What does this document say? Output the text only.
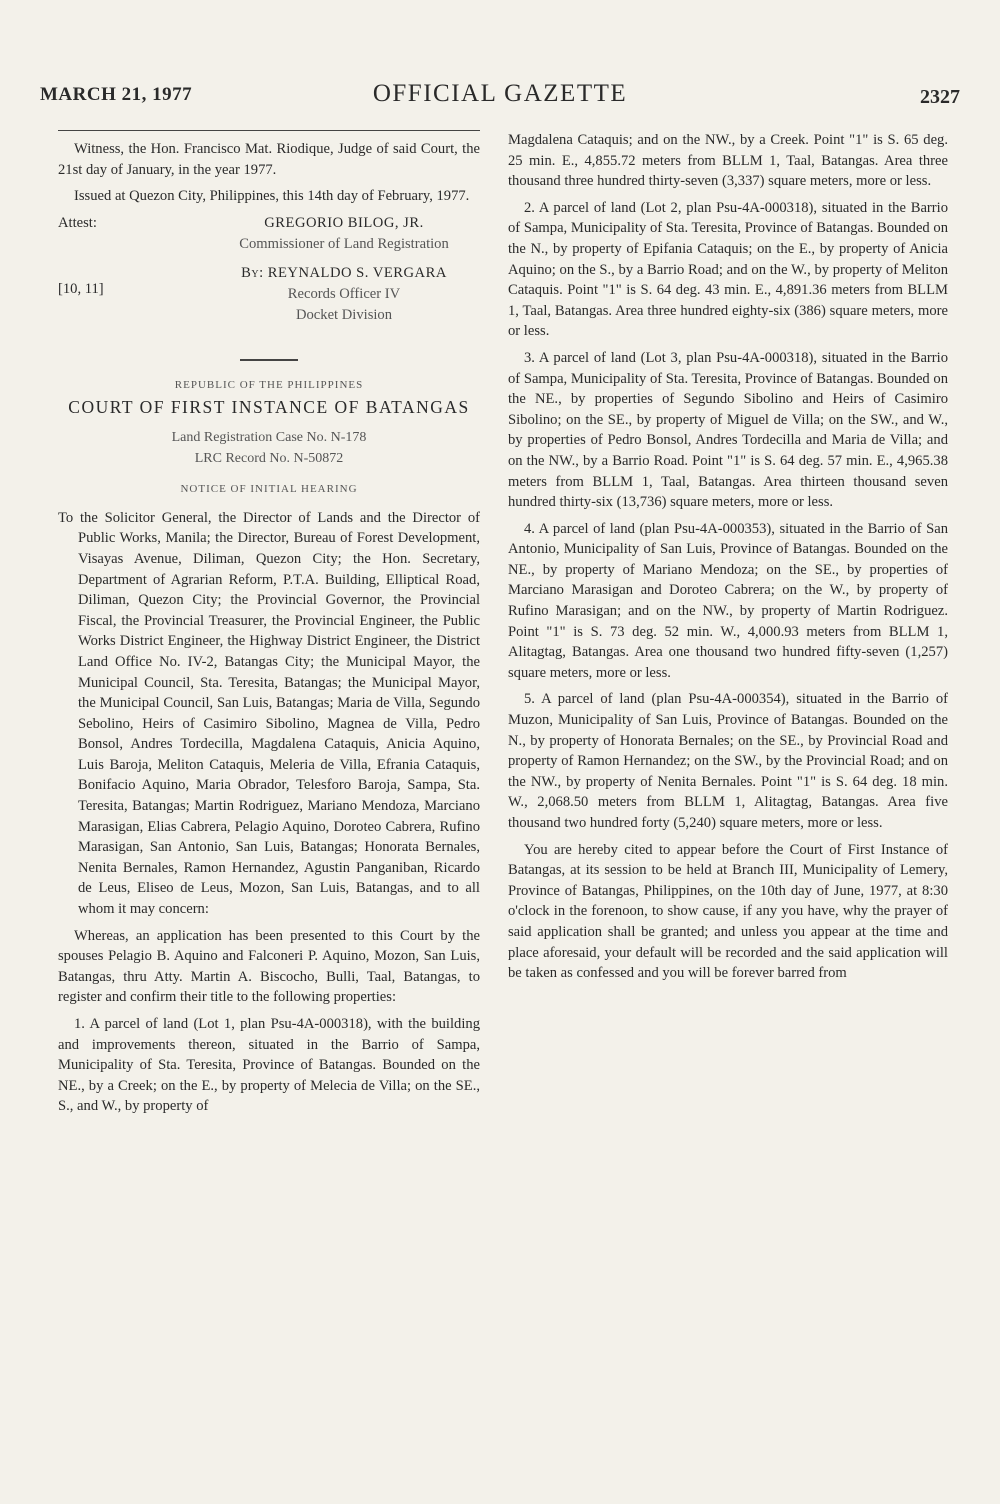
MARCH 21, 1977	OFFICIAL GAZETTE	2327

Witness, the Hon. Francisco Mat. Riodique, Judge of said Court, the 21st day of January, in the year 1977.

Issued at Quezon City, Philippines, this 14th day of February, 1977.

Attest:	GREGORIO BILOG, JR.
Commissioner of Land Registration
By: REYNALDO S. VERGARA
Records Officer IV
Docket Division
[10, 11]

REPUBLIC OF THE PHILIPPINES

COURT OF FIRST INSTANCE OF BATANGAS

Land Registration Case No. N-178

LRC Record No. N-50872

NOTICE OF INITIAL HEARING

To the Solicitor General, the Director of Lands and the Director of Public Works, Manila; the Director, Bureau of Forest Development, Visayas Avenue, Diliman, Quezon City; the Hon. Secretary, Department of Agrarian Reform, P.T.A. Building, Elliptical Road, Diliman, Quezon City; the Provincial Governor, the Provincial Fiscal, the Provincial Treasurer, the Provincial Engineer, the Public Works District Engineer, the Highway District Engineer, the District Land Office No. IV-2, Batangas City; the Municipal Mayor, the Municipal Council, Sta. Teresita, Batangas; the Municipal Mayor, the Municipal Council, San Luis, Batangas; Maria de Villa, Segundo Sebolino, Heirs of Casimiro Sibolino, Magnea de Villa, Pedro Bonsol, Andres Tordecilla, Magdalena Cataquis, Anicia Aquino, Luis Baroja, Meliton Cataquis, Meleria de Villa, Efrania Cataquis, Bonifacio Aquino, Maria Obrador, Telesforo Baroja, Sampa, Sta. Teresita, Batangas; Martin Rodriguez, Mariano Mendoza, Marciano Marasigan, Elias Cabrera, Pelagio Aquino, Doroteo Cabrera, Rufino Marasigan, San Antonio, San Luis, Batangas; Honorata Bernales, Nenita Bernales, Ramon Hernandez, Agustin Panganiban, Ricardo de Leus, Eliseo de Leus, Mozon, San Luis, Batangas, and to all whom it may concern:

Whereas, an application has been presented to this Court by the spouses Pelagio B. Aquino and Falconeri P. Aquino, Mozon, San Luis, Batangas, thru Atty. Martin A. Biscocho, Bulli, Taal, Batangas, to register and confirm their title to the following properties:

1. A parcel of land (Lot 1, plan Psu-4A-000318), with the building and improvements thereon, situated in the Barrio of Sampa, Municipality of Sta. Teresita, Province of Batangas. Bounded on the NE., by a Creek; on the E., by property of Melecia de Villa; on the SE., S., and W., by property of

Magdalena Cataquis; and on the NW., by a Creek. Point "1" is S. 65 deg. 25 min. E., 4,855.72 meters from BLLM 1, Taal, Batangas. Area three thousand three hundred thirty-seven (3,337) square meters, more or less.

2. A parcel of land (Lot 2, plan Psu-4A-000318), situated in the Barrio of Sampa, Municipality of Sta. Teresita, Province of Batangas. Bounded on the N., by property of Epifania Cataquis; on the E., by property of Anicia Aquino; on the S., by a Barrio Road; and on the W., by property of Meliton Cataquis. Point "1" is S. 64 deg. 43 min. E., 4,891.36 meters from BLLM 1, Taal, Batangas. Area three hundred eighty-six (386) square meters, more or less.

3. A parcel of land (Lot 3, plan Psu-4A-000318), situated in the Barrio of Sampa, Municipality of Sta. Teresita, Province of Batangas. Bounded on the NE., by properties of Segundo Sibolino and Heirs of Casimiro Sibolino; on the SE., by property of Miguel de Villa; on the SW., and W., by properties of Pedro Bonsol, Andres Tordecilla and Maria de Villa; and on the NW., by a Barrio Road. Point "1" is S. 64 deg. 57 min. E., 4,965.38 meters from BLLM 1, Taal, Batangas. Area thirteen thousand seven hundred thirty-six (13,736) square meters, more or less.

4. A parcel of land (plan Psu-4A-000353), situated in the Barrio of San Antonio, Municipality of San Luis, Province of Batangas. Bounded on the NE., by property of Mariano Mendoza; on the SE., by properties of Marciano Marasigan and Doroteo Cabrera; on the W., by property of Rufino Marasigan; and on the NW., by property of Martin Rodriguez. Point "1" is S. 73 deg. 52 min. W., 4,000.93 meters from BLLM 1, Alitagtag, Batangas. Area one thousand two hundred fifty-seven (1,257) square meters, more or less.

5. A parcel of land (plan Psu-4A-000354), situated in the Barrio of Muzon, Municipality of San Luis, Province of Batangas. Bounded on the N., by property of Honorata Bernales; on the SE., by Provincial Road and property of Ramon Hernandez; on the SW., by the Provincial Road; and on the NW., by property of Nenita Bernales. Point "1" is S. 64 deg. 18 min. W., 2,068.50 meters from BLLM 1, Alitagtag, Batangas. Area five thousand two hundred forty (5,240) square meters, more or less.

You are hereby cited to appear before the Court of First Instance of Batangas, at its session to be held at Branch III, Municipality of Lemery, Province of Batangas, Philippines, on the 10th day of June, 1977, at 8:30 o'clock in the forenoon, to show cause, if any you have, why the prayer of said application shall be granted; and unless you appear at the time and place aforesaid, your default will be recorded and the said application will be taken as confessed and you will be forever barred from
